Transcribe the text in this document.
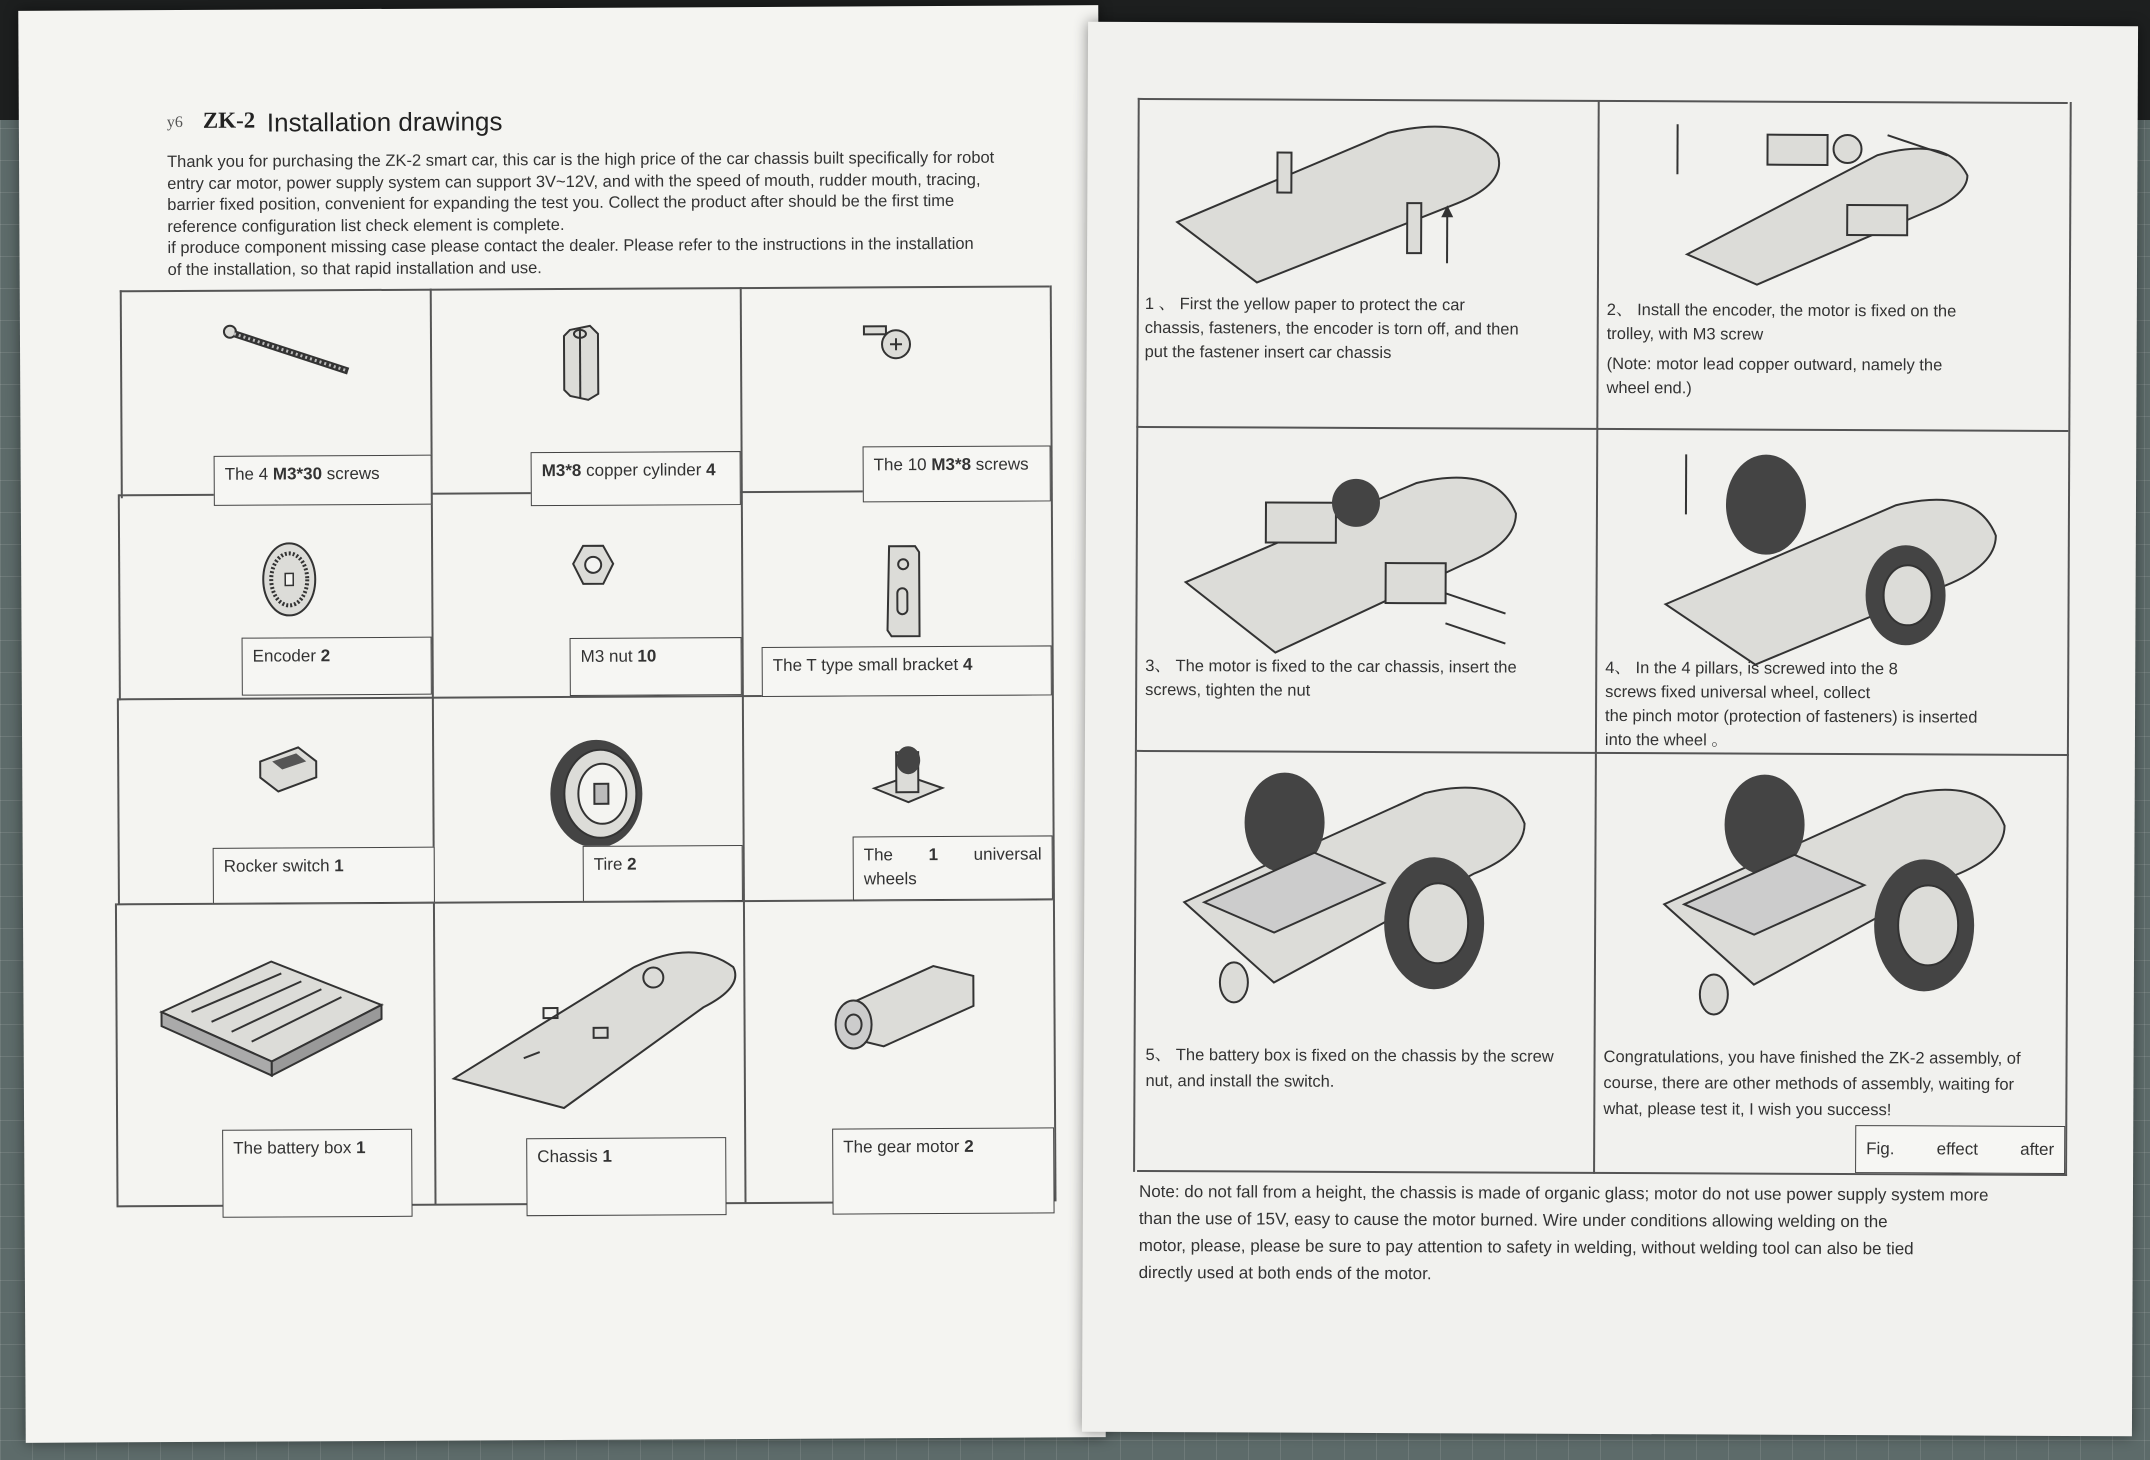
y6 ZK-2 Installation drawings
Thank you for purchasing the ZK-2 smart car, this car is the high price of the car chassis built specifically for robot
entry car motor, power supply system can support 3V~12V, and with the speed of mouth, rudder mouth, tracing,
barrier fixed position, convenient for expanding the test you. Collect the product after should be the first time
reference configuration list check element is complete.
if produce component missing case please contact the dealer. Please refer to the instructions in the installation
of the installation, so that rapid installation and use.
The 4 M3*30 screws	M3*8 copper cylinder 4	The 10 M3*8 screws
Encoder 2	M3 nut 10	The T type small bracket 4
Rocker switch 1	Tire 2	The 1 universal
wheels
The battery box 1	Chassis 1	The gear motor 2
1 、 First the yellow paper to protect the car
chassis, fasteners, the encoder is torn off, and then
put the fastener insert car chassis
2、 Install the encoder, the motor is fixed on the
trolley, with M3 screw
(Note: motor lead copper outward, namely the
wheel end.)
3、 The motor is fixed to the car chassis, insert the
screws, tighten the nut
4、 In the 4 pillars, is screwed into the 8
screws fixed universal wheel, collect
the pinch motor (protection of fasteners) is inserted
into the wheel 。
5、 The battery box is fixed on the chassis by the screw
nut, and install the switch.
Congratulations, you have finished the ZK-2 assembly, of
course, there are other methods of assembly, waiting for
what, please test it, I wish you success!
Fig. effect after
Note: do not fall from a height, the chassis is made of organic glass; motor do not use power supply system more
than the use of 15V, easy to cause the motor burned. Wire under conditions allowing welding on the
motor, please, please be sure to pay attention to safety in welding, without welding tool can also be tied
directly used at both ends of the motor.
